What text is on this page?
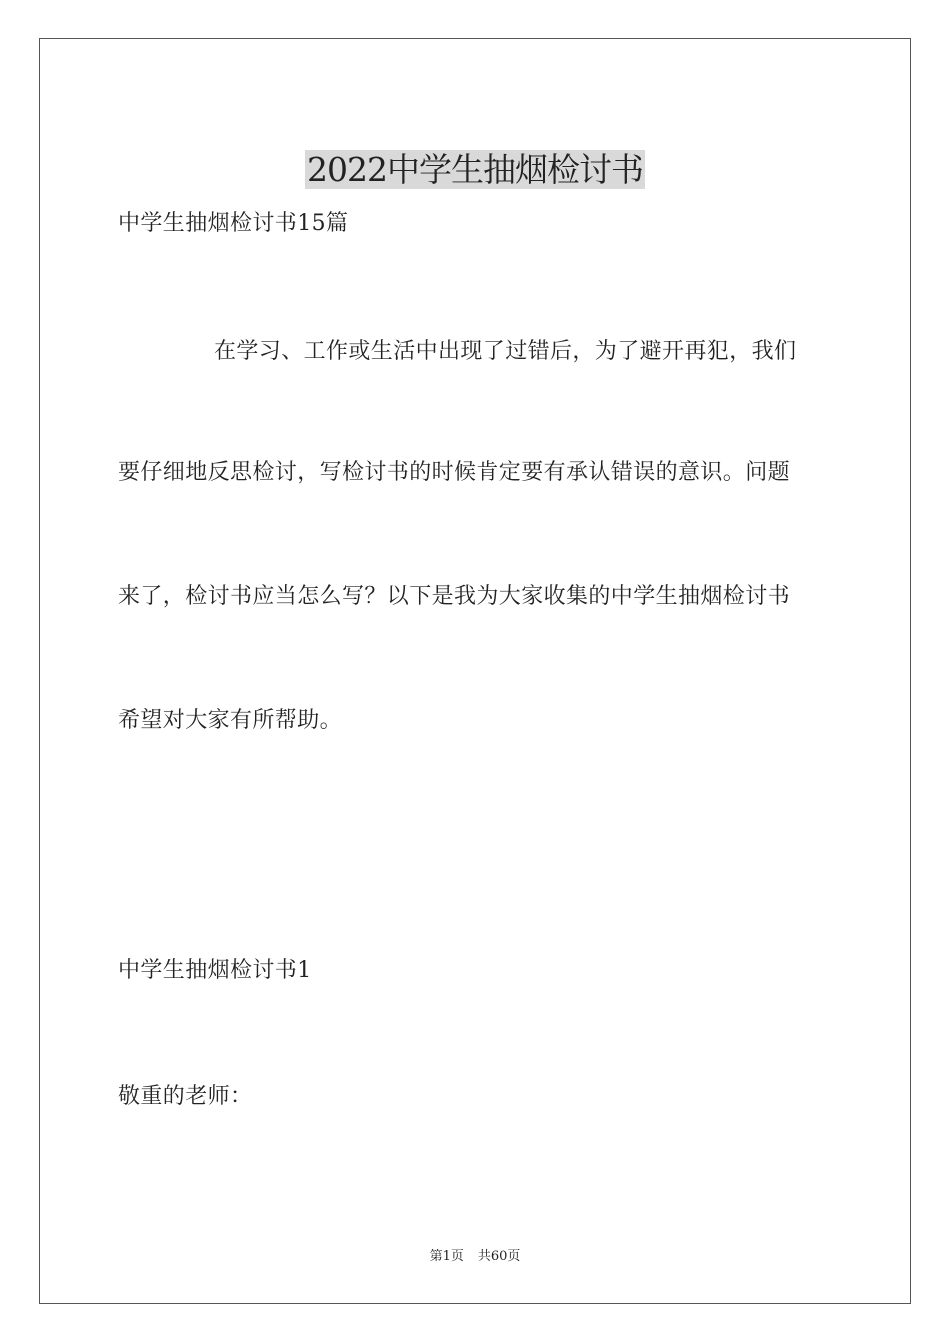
2022中学生抽烟检讨书
中学生抽烟检讨书15篇
在学习、工作或生活中出现了过错后，为了避开再犯，我们
要仔细地反思检讨，写检讨书的时候肯定要有承认错误的意识。问题
来了，检讨书应当怎么写？以下是我为大家收集的中学生抽烟检讨书
希望对大家有所帮助。
中学生抽烟检讨书1
敬重的老师：
第1页 共60页
